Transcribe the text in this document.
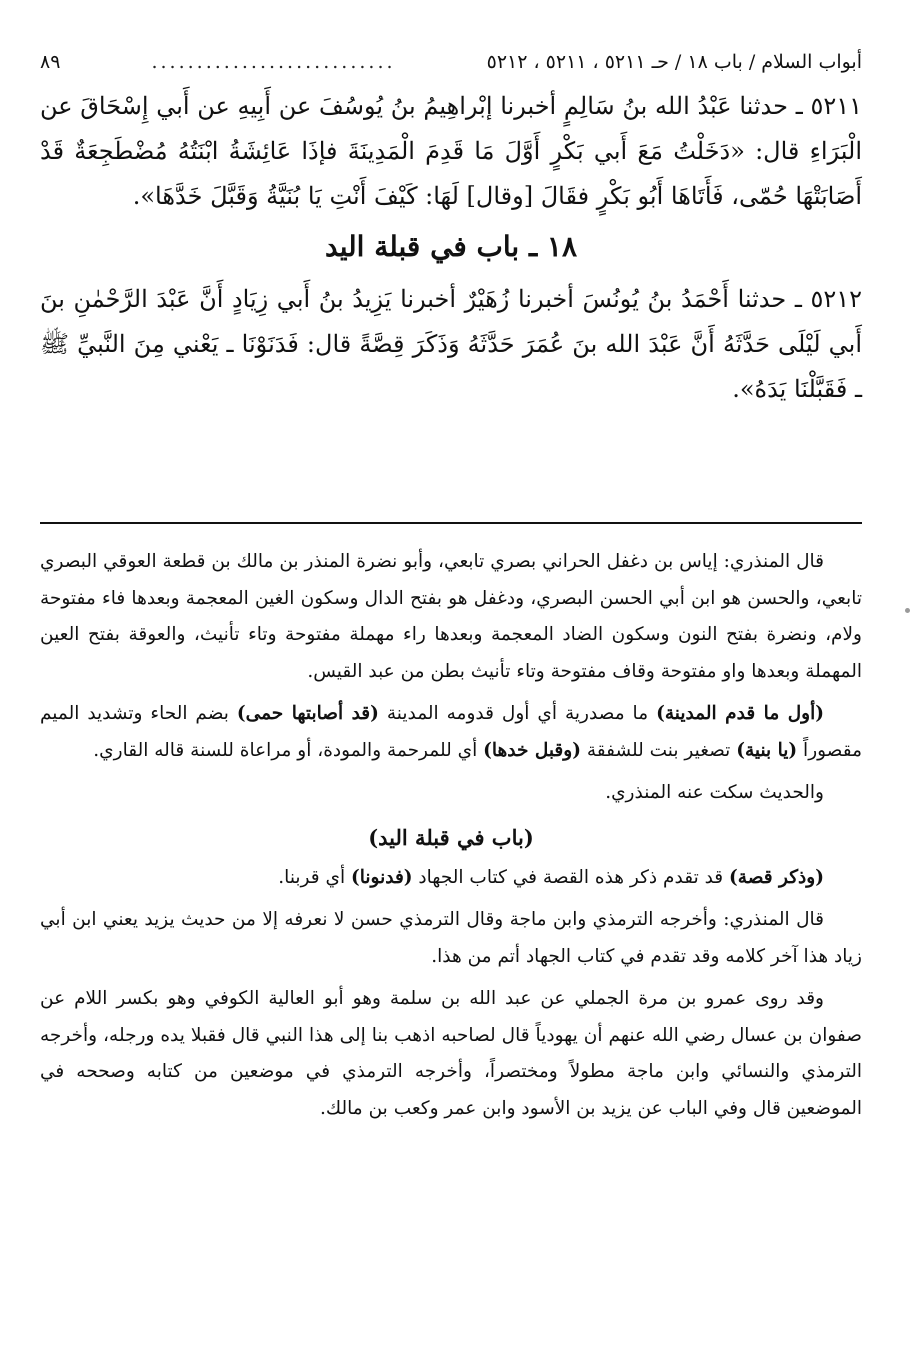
أبواب السلام / باب ١٨ / حـ ٥٢١١ ، ٥٢١١ ، ٥٢١٢
...........................
٨٩

٥٢١١ ـ حدثنا عَبْدُ الله بنُ سَالِمٍ أخبرنا إبْراهِيمُ بنُ يُوسُفَ عن أَبِيهِ عن أَبي إِسْحَاقَ عن الْبَرَاءِ قال: «دَخَلْتُ مَعَ أَبي بَكْرٍ أَوَّلَ مَا قَدِمَ الْمَدِينَةَ فإذَا عَائِشَةُ ابْنَتُهُ مُضْطَجِعَةٌ قَدْ أَصَابَتْهَا حُمّى، فَأَتَاهَا أَبُو بَكْرٍ فقَالَ [وقال] لَهَا: كَيْفَ أَنْتِ يَا بُنَيَّةُ وَقَبَّلَ خَدَّهَا».

١٨ ـ باب في قبلة اليد

٥٢١٢ ـ حدثنا أَحْمَدُ بنُ يُونُسَ أخبرنا زُهَيْرٌ أخبرنا يَزِيدُ بنُ أَبي زِيَادٍ أَنَّ عَبْدَ الرَّحْمٰنِ بنَ أَبي لَيْلَى حَدَّثَهُ أَنَّ عَبْدَ الله بنَ عُمَرَ حَدَّثَهُ وَذَكَرَ قِصَّةً قال: فَدَنَوْنَا ـ يَعْني مِنَ النَّبيِّ ﷺ ـ فَقَبَّلْنَا يَدَهُ».

قال المنذري: إياس بن دغفل الحراني بصري تابعي، وأبو نضرة المنذر بن مالك بن قطعة العوقي البصري تابعي، والحسن هو ابن أبي الحسن البصري، ودغفل هو بفتح الدال وسكون الغين المعجمة وبعدها فاء مفتوحة ولام، ونضرة بفتح النون وسكون الضاد المعجمة وبعدها راء مهملة مفتوحة وتاء تأنيث، والعوقة بفتح العين المهملة وبعدها واو مفتوحة وقاف مفتوحة وتاء تأنيث بطن من عبد القيس.

(أول ما قدم المدينة) ما مصدرية أي أول قدومه المدينة (قد أصابتها حمى) بضم الحاء وتشديد الميم مقصوراً (يا بنية) تصغير بنت للشفقة (وقبل خدها) أي للمرحمة والمودة، أو مراعاة للسنة قاله القاري.

والحديث سكت عنه المنذري.

(باب في قبلة اليد)

(وذكر قصة) قد تقدم ذكر هذه القصة في كتاب الجهاد (فدنونا) أي قربنا.

قال المنذري: وأخرجه الترمذي وابن ماجة وقال الترمذي حسن لا نعرفه إلا من حديث يزيد يعني ابن أبي زياد هذا آخر كلامه وقد تقدم في كتاب الجهاد أتم من هذا.

وقد روى عمرو بن مرة الجملي عن عبد الله بن سلمة وهو أبو العالية الكوفي وهو بكسر اللام عن صفوان بن عسال رضي الله عنهم أن يهودياً قال لصاحبه اذهب بنا إلى هذا النبي قال فقبلا يده ورجله، وأخرجه الترمذي والنسائي وابن ماجة مطولاً ومختصراً، وأخرجه الترمذي في موضعين من كتابه وصححه في الموضعين قال وفي الباب عن يزيد بن الأسود وابن عمر وكعب بن مالك.
